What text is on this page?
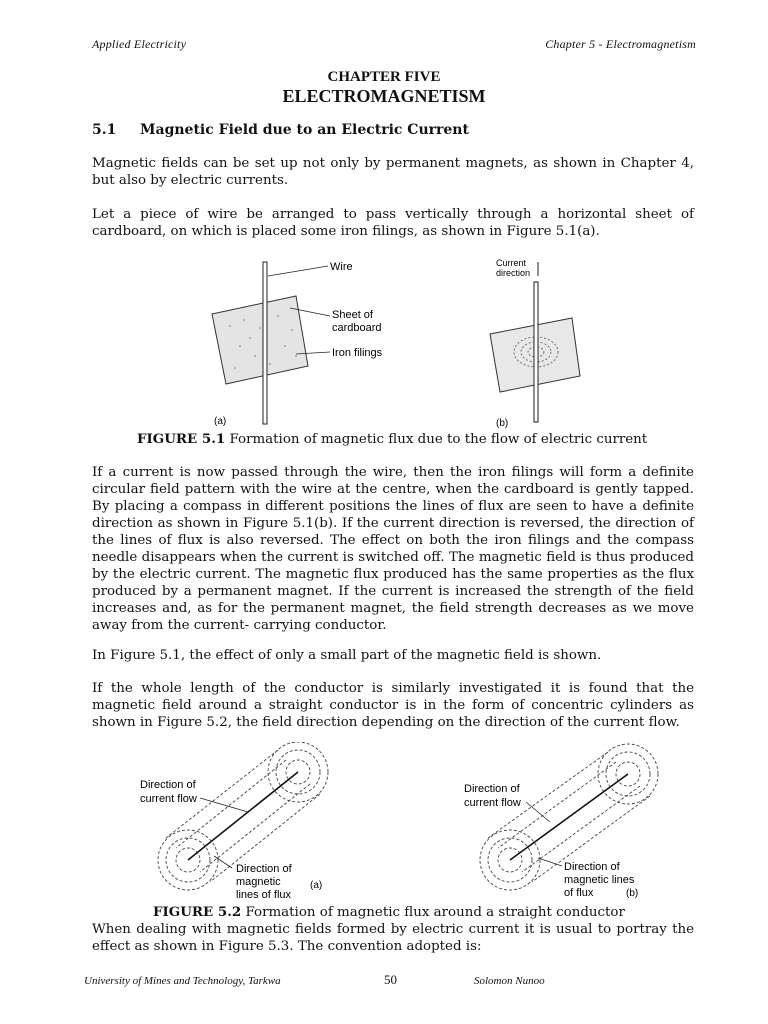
Applied Electricity	Chapter 5 - Electromagnetism
CHAPTER FIVE
ELECTROMAGNETISM
5.1 Magnetic Field due to an Electric Current
Magnetic fields can be set up not only by permanent magnets, as shown in Chapter 4, but also by electric currents.
Let a piece of wire be arranged to pass vertically through a horizontal sheet of cardboard, on which is placed some iron filings, as shown in Figure 5.1(a).
Wire
Sheet of
cardboard
Iron filings
(a)
Current
direction
(b)
FIGURE 5.1 Formation of magnetic flux due to the flow of electric current
If a current is now passed through the wire, then the iron filings will form a definite circular field pattern with the wire at the centre, when the cardboard is gently tapped. By placing a compass in different positions the lines of flux are seen to have a definite direction as shown in Figure 5.1(b). If the current direction is reversed, the direction of the lines of flux is also reversed. The effect on both the iron filings and the compass needle disappears when the current is switched off. The magnetic field is thus produced by the electric current. The magnetic flux produced has the same properties as the flux produced by a permanent magnet. If the current is increased the strength of the field increases and, as for the permanent magnet, the field strength decreases as we move away from the current- carrying conductor.
In Figure 5.1, the effect of only a small part of the magnetic field is shown.
If the whole length of the conductor is similarly investigated it is found that the magnetic field around a straight conductor is in the form of concentric cylinders as shown in Figure 5.2, the field direction depending on the direction of the current flow.
Direction of
current flow
Direction of
magnetic
lines of flux
(a)
Direction of
current flow
Direction of
magnetic lines
of flux	(b)
FIGURE 5.2 Formation of magnetic flux around a straight conductor
When dealing with magnetic fields formed by electric current it is usual to portray the effect as shown in Figure 5.3. The convention adopted is:
University of Mines and Technology, Tarkwa	50	Solomon Nunoo
